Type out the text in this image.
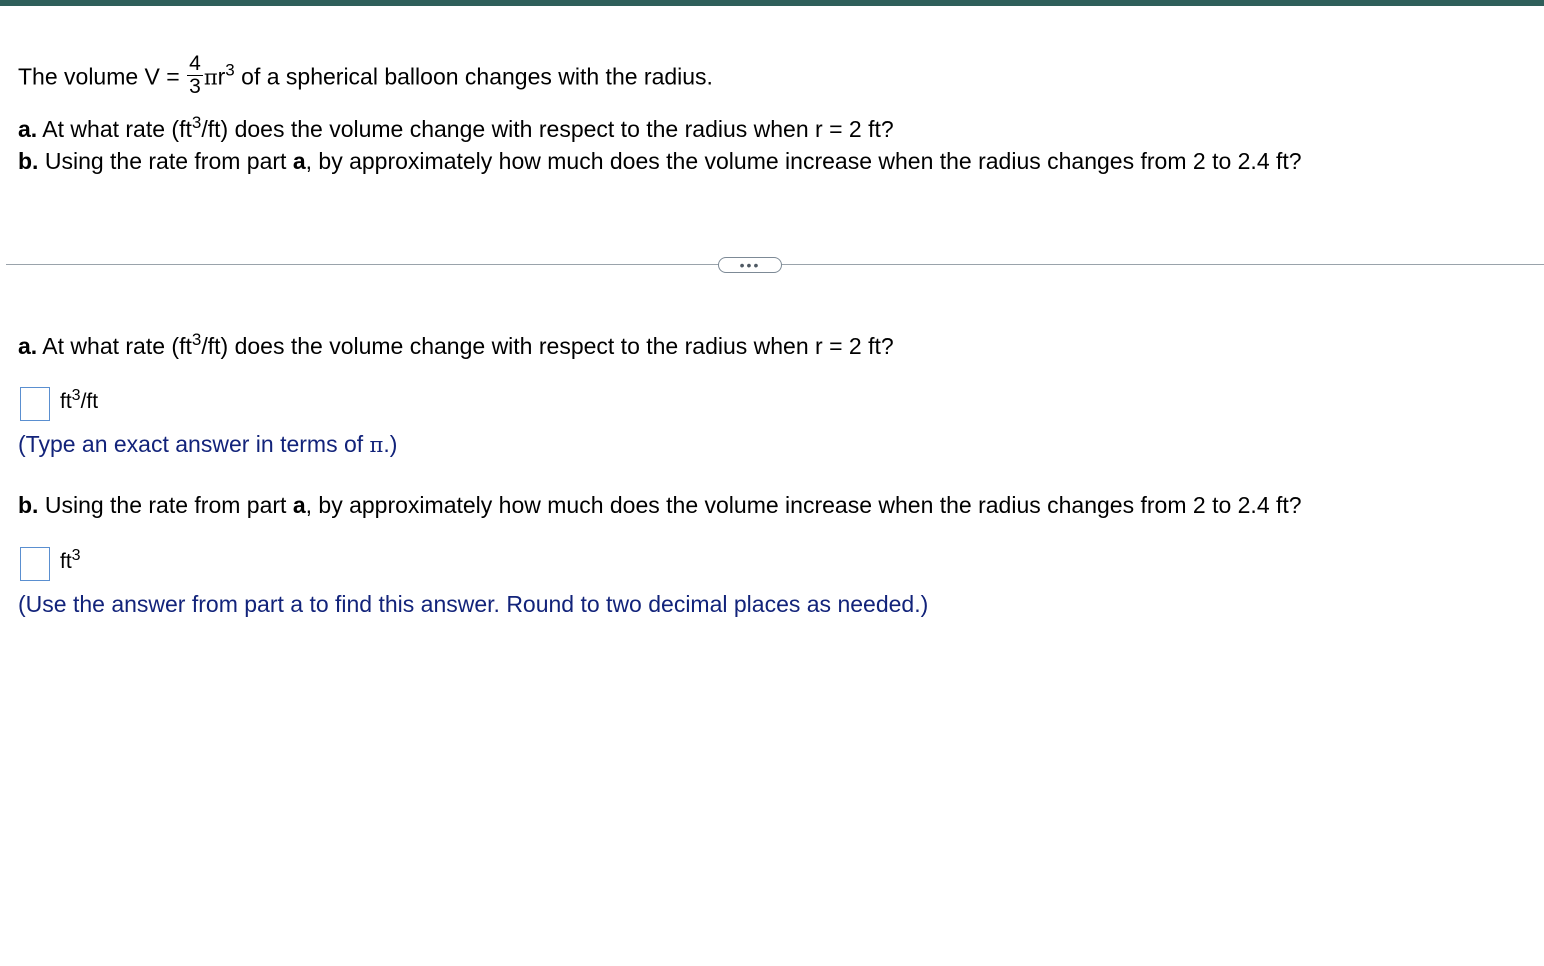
The volume $V = \frac{4}{3} \pi r^3$ of a spherical balloon changes with the radius.
a. At what rate $(ft^3/ft)$ does the volume change with respect to the radius when r = 2 ft?
b. Using the rate from part a, by approximately how much does the volume increase when the radius changes from 2 to 2.4 ft?
•••
a. At what rate $(ft^3/ft)$ does the volume change with respect to the radius when r = 2 ft?
$ft^3/ft$
(Type an exact answer in terms of π.)
b. Using the rate from part a, by approximately how much does the volume increase when the radius changes from 2 to 2.4 ft?
$ft^3$
(Use the answer from part a to find this answer. Round to two decimal places as needed.)
